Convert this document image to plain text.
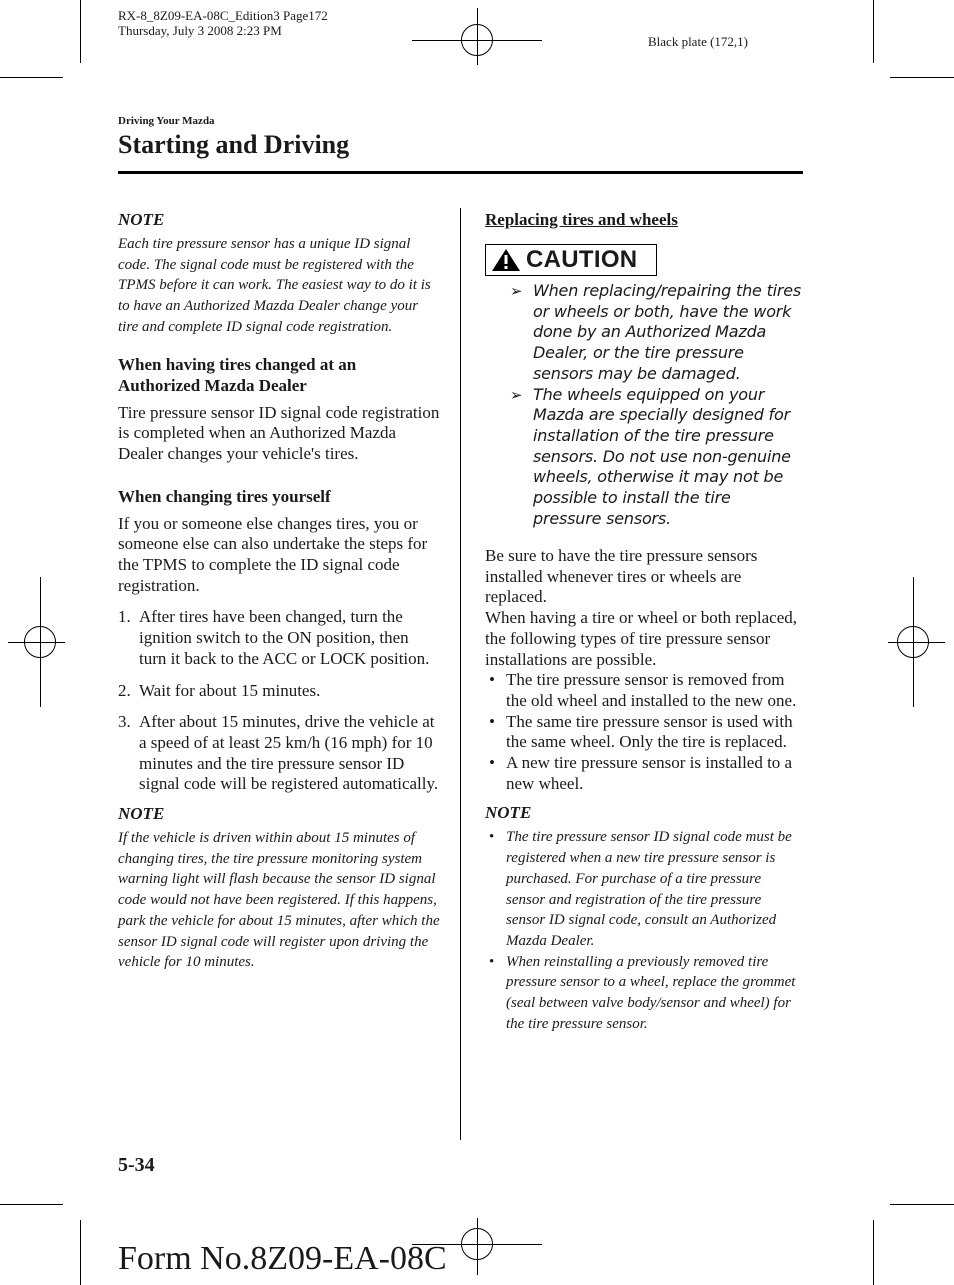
RX-8_8Z09-EA-08C_Edition3 Page172
Thursday, July 3 2008 2:23 PM
Black plate (172,1)
Driving Your Mazda
Starting and Driving

NOTE

Each tire pressure sensor has a unique ID signal code. The signal code must be registered with the TPMS before it can work. The easiest way to do it is to have an Authorized Mazda Dealer change your tire and complete ID signal code registration.

When having tires changed at an Authorized Mazda Dealer

Tire pressure sensor ID signal code registration is completed when an Authorized Mazda Dealer changes your vehicle's tires.

When changing tires yourself

If you or someone else changes tires, you or someone else can also undertake the steps for the TPMS to complete the ID signal code registration.

1. After tires have been changed, turn the ignition switch to the ON position, then turn it back to the ACC or LOCK position.
2. Wait for about 15 minutes.
3. After about 15 minutes, drive the vehicle at a speed of at least 25 km/h (16 mph) for 10 minutes and the tire pressure sensor ID signal code will be registered automatically.

NOTE

If the vehicle is driven within about 15 minutes of changing tires, the tire pressure monitoring system warning light will flash because the sensor ID signal code would not have been registered. If this happens, park the vehicle for about 15 minutes, after which the sensor ID signal code will register upon driving the vehicle for 10 minutes.

Replacing tires and wheels
CAUTION
➢ When replacing/repairing the tires or wheels or both, have the work done by an Authorized Mazda Dealer, or the tire pressure sensors may be damaged.
➢ The wheels equipped on your Mazda are specially designed for installation of the tire pressure sensors. Do not use non-genuine wheels, otherwise it may not be possible to install the tire pressure sensors.

Be sure to have the tire pressure sensors installed whenever tires or wheels are replaced.

When having a tire or wheel or both replaced, the following types of tire pressure sensor installations are possible.

• The tire pressure sensor is removed from the old wheel and installed to the new one.
• The same tire pressure sensor is used with the same wheel. Only the tire is replaced.
• A new tire pressure sensor is installed to a new wheel.

NOTE

• The tire pressure sensor ID signal code must be registered when a new tire pressure sensor is purchased. For purchase of a tire pressure sensor and registration of the tire pressure sensor ID signal code, consult an Authorized Mazda Dealer.
• When reinstalling a previously removed tire pressure sensor to a wheel, replace the grommet (seal between valve body/sensor and wheel) for the tire pressure sensor.
5-34
Form No.8Z09-EA-08C
